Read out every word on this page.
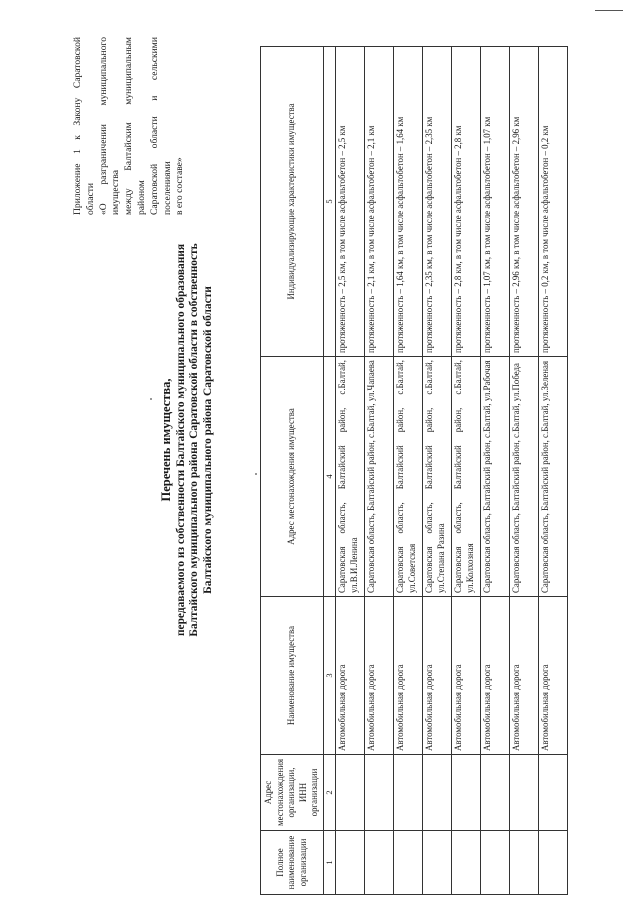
Приложение 1 к Закону Саратовской области «О разграничении муниципального имущества между Балтайским муниципальным районом Саратовской области и сельскими поселениями в его составе»
Перечень имущества, передаваемого из собственности Балтайского муниципального образования Балтайского муниципального района Саратовской области в собственность Балтайского муниципального района Саратовской области
Полное наименование организации	Адрес местонахождения организации, ИНН организации	Наименование имущества	Адрес местонахождения имущества	Индивидуализирующие характеристики имущества
1	2	3	4	5
		Автомобильная дорога	Саратовская область, Балтайский район, с.Балтай, ул.В.И.Ленина	протяженность – 2,5 км, в том числе асфальтобетон – 2,5 км
		Автомобильная дорога	Саратовская область, Балтайский район, с.Балтай, ул.Чапаева	протяженность – 2,1 км, в том числе асфальтобетон – 2,1 км
		Автомобильная дорога	Саратовская область, Балтайский район, с.Балтай, ул.Советская	протяженность – 1,64 км, в том числе асфальтобетон – 1,64 км
		Автомобильная дорога	Саратовская область, Балтайский район, с.Балтай, ул.Степана Разина	протяженность – 2,35 км, в том числе асфальтобетон – 2,35 км
		Автомобильная дорога	Саратовская область, Балтайский район, с.Балтай, ул.Колхозная	протяженность – 2,8 км, в том числе асфальтобетон – 2,8 км
		Автомобильная дорога	Саратовская область, Балтайский район, с.Балтай, ул.Рабочая	протяженность – 1,07 км, в том числе асфальтобетон – 1,07 км
		Автомобильная дорога	Саратовская область, Балтайский район, с.Бaлтай, ул.Победа	протяженность – 2,96 км, в том числе асфальтобетон – 2,96 км
		Автомобильная дорога	Саратовская область, Балтайский район, с.Балтай, ул.Зеленая	протяженность – 0,2 км, в том числе асфальтобетон – 0,2 км
